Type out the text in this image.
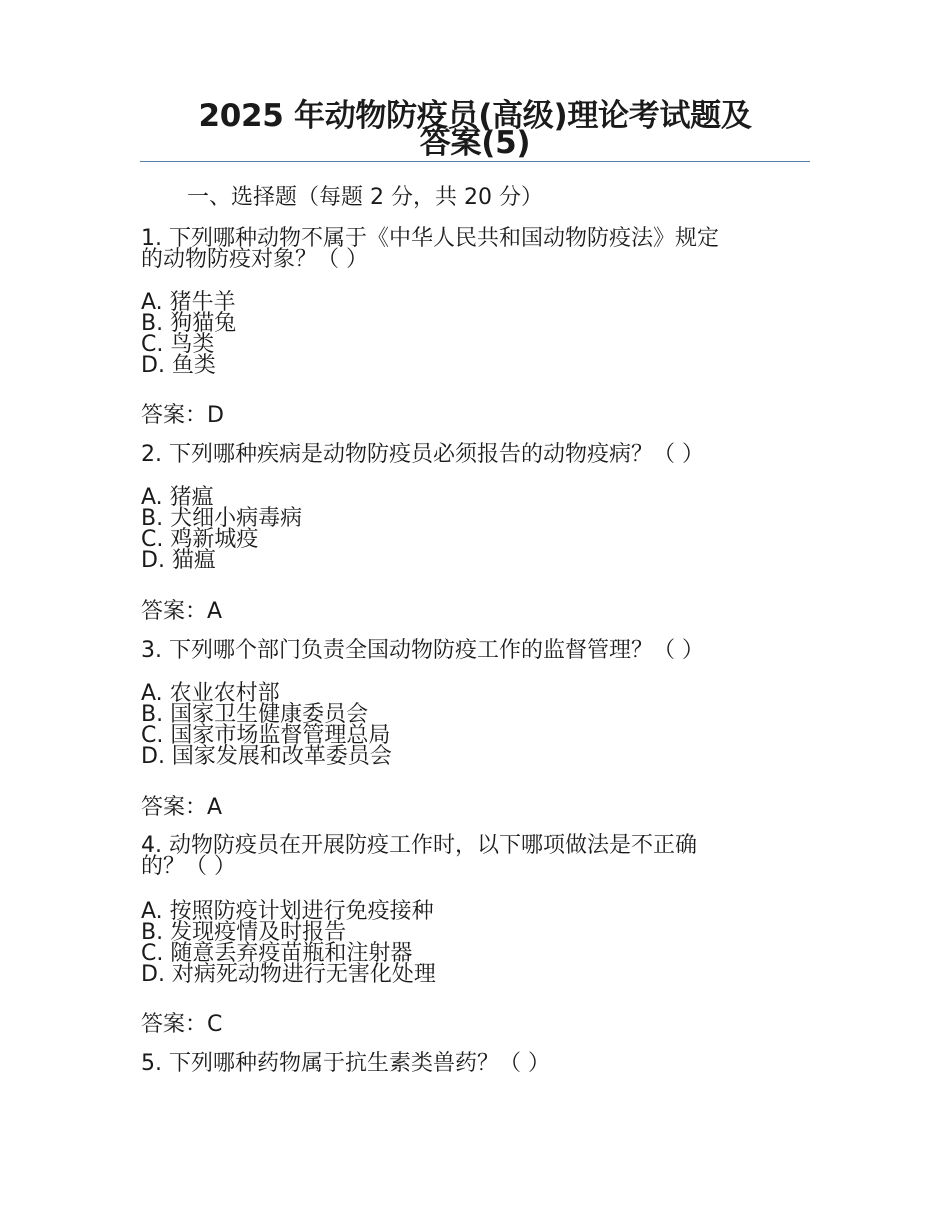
2025 年动物防疫员(高级)理论考试题及
答案(5)
一、选择题（每题 2 分，共 20 分）
1. 下列哪种动物不属于《中华人民共和国动物防疫法》规定
的动物防疫对象？（ ）
A. 猪牛羊
B. 狗猫兔
C. 鸟类
D. 鱼类
答案：D
2. 下列哪种疾病是动物防疫员必须报告的动物疫病？（ ）
A. 猪瘟
B. 犬细小病毒病
C. 鸡新城疫
D. 猫瘟
答案：A
3. 下列哪个部门负责全国动物防疫工作的监督管理？（ ）
A. 农业农村部
B. 国家卫生健康委员会
C. 国家市场监督管理总局
D. 国家发展和改革委员会
答案：A
4. 动物防疫员在开展防疫工作时，以下哪项做法是不正确
的？（ ）
A. 按照防疫计划进行免疫接种
B. 发现疫情及时报告
C. 随意丢弃疫苗瓶和注射器
D. 对病死动物进行无害化处理
答案：C
5. 下列哪种药物属于抗生素类兽药？（ ）
